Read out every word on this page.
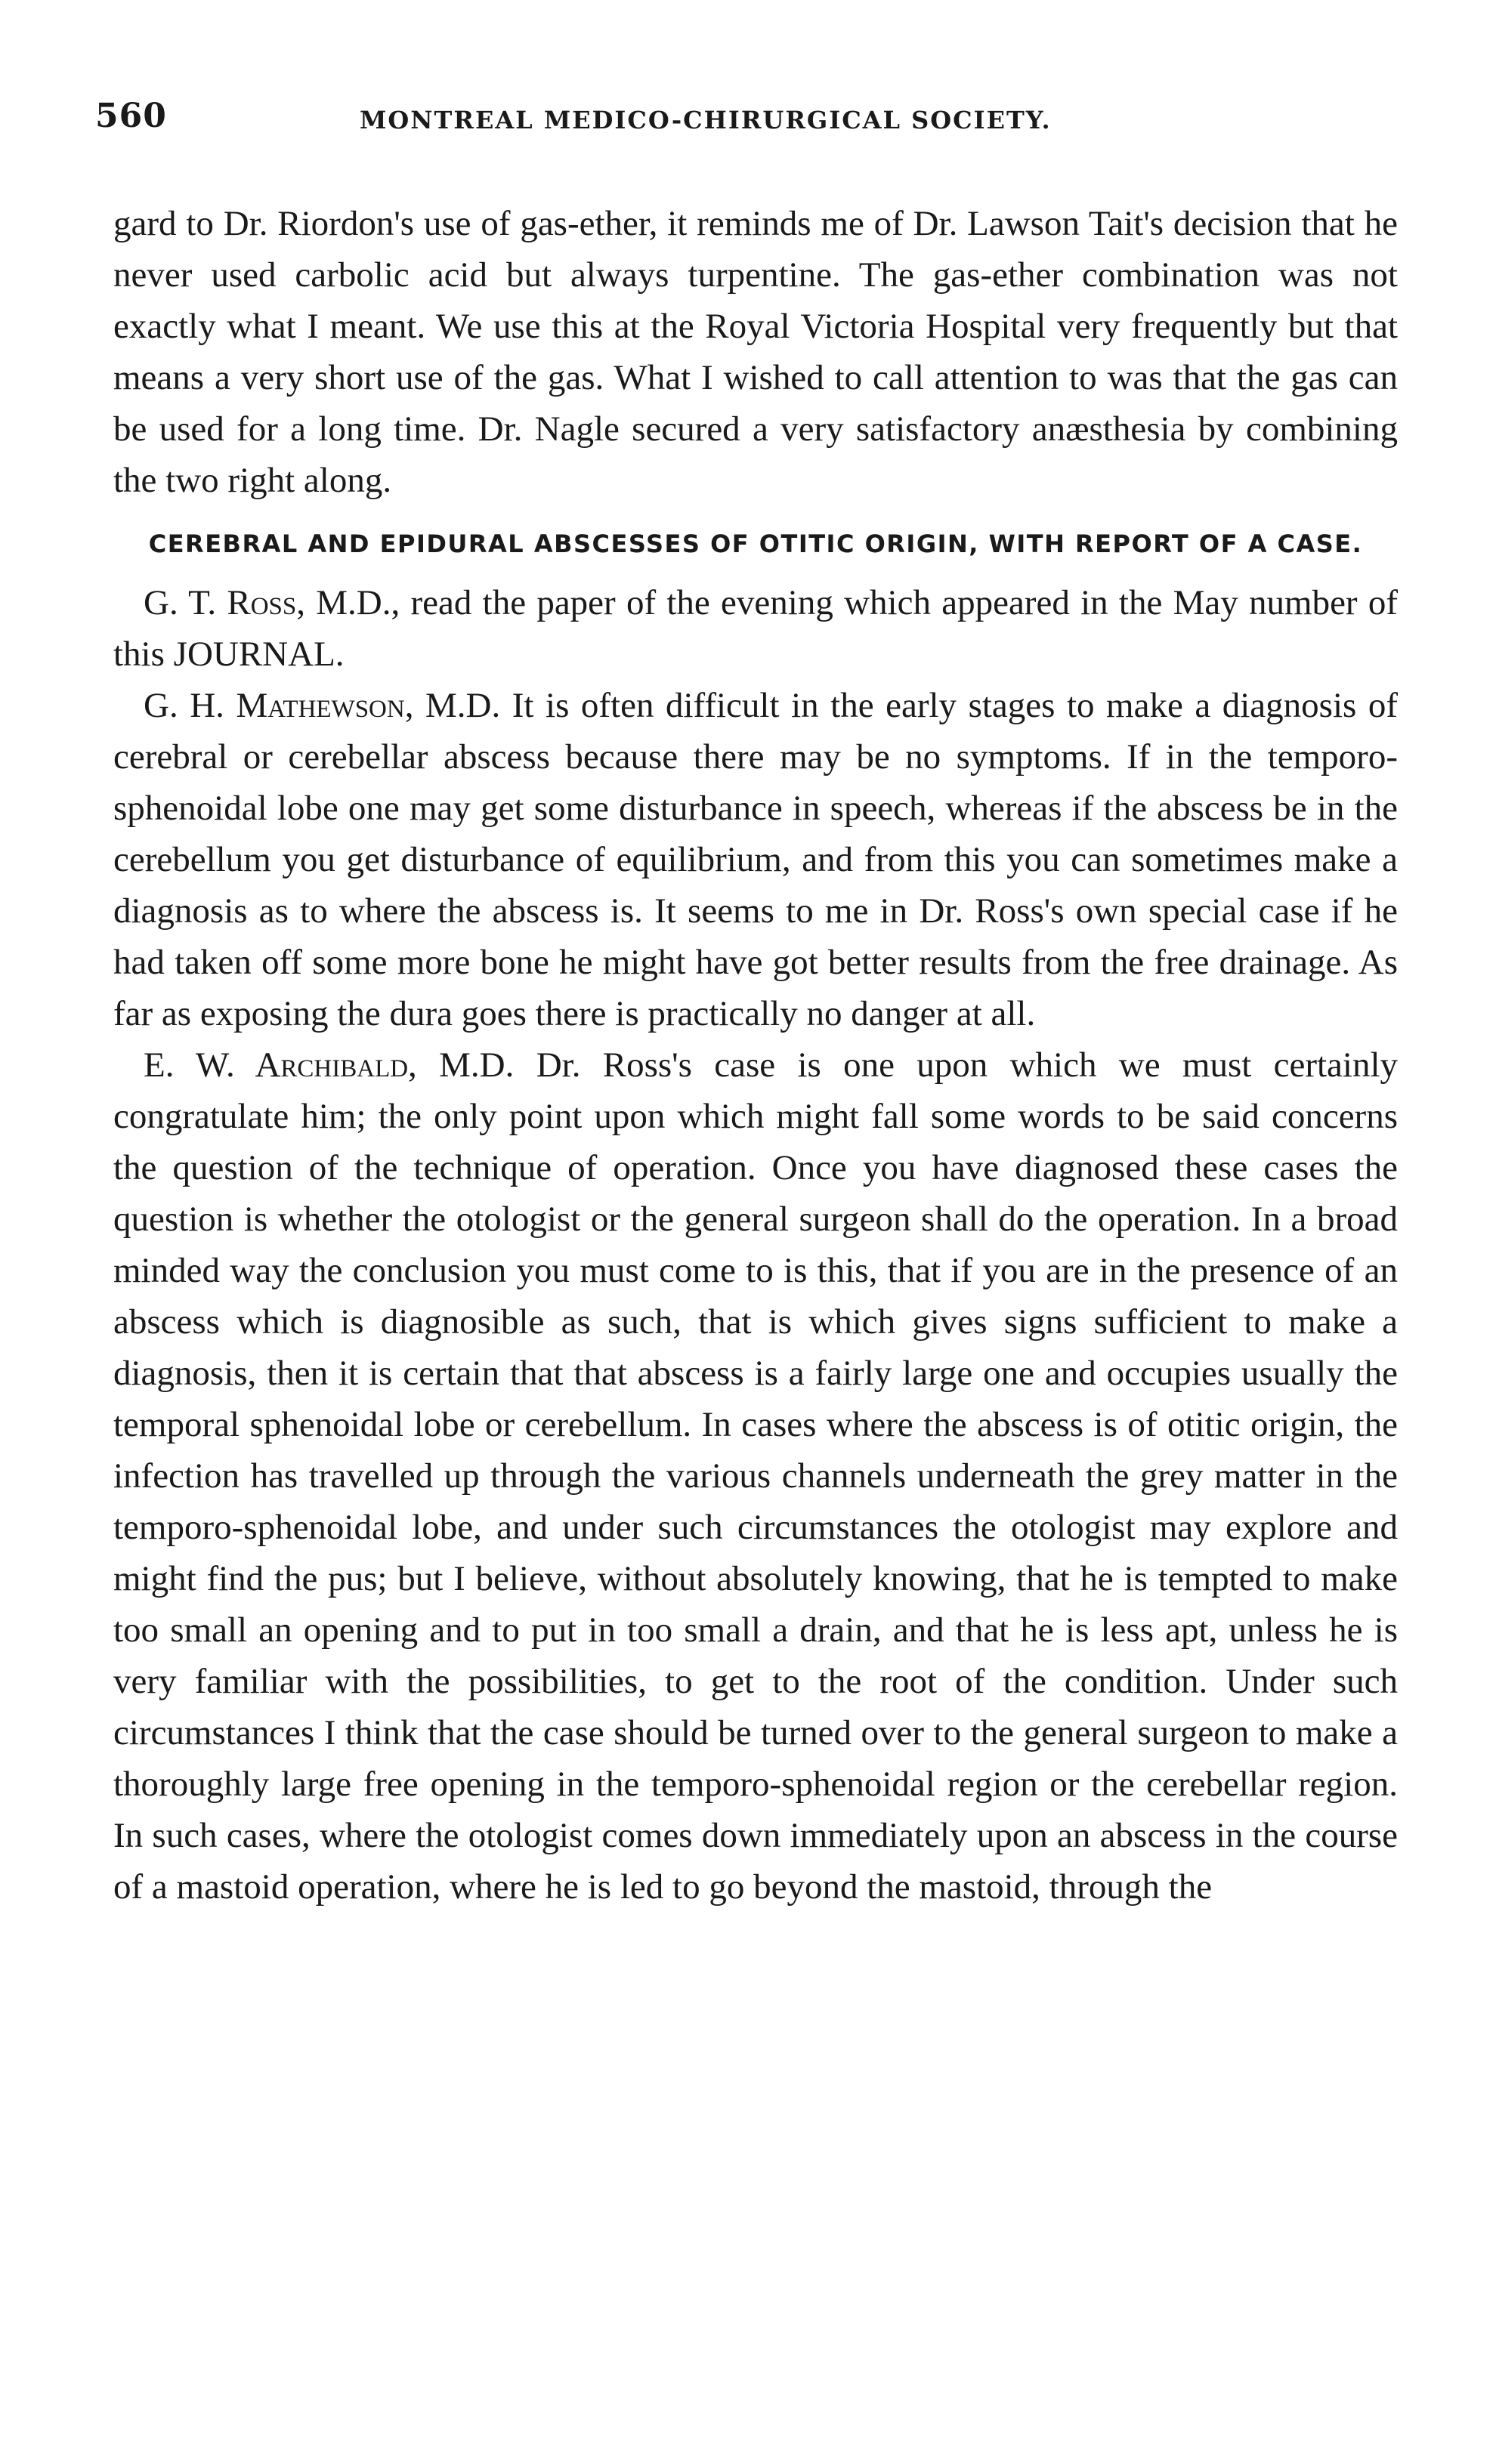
560	MONTREAL MEDICO-CHIRURGICAL SOCIETY.

gard to Dr. Riordon's use of gas-ether, it reminds me of Dr. Lawson Tait's decision that he never used carbolic acid but always turpentine. The gas-ether combination was not exactly what I meant. We use this at the Royal Victoria Hospital very frequently but that means a very short use of the gas. What I wished to call attention to was that the gas can be used for a long time. Dr. Nagle secured a very satisfactory anæsthesia by combining the two right along.

CEREBRAL AND EPIDURAL ABSCESSES OF OTITIC ORIGIN, WITH REPORT OF A CASE.

G. T. Ross, M.D., read the paper of the evening which appeared in the May number of this JOURNAL.

G. H. Mathewson, M.D. It is often difficult in the early stages to make a diagnosis of cerebral or cerebellar abscess because there may be no symptoms. If in the temporo-sphenoidal lobe one may get some disturbance in speech, whereas if the abscess be in the cerebellum you get disturbance of equilibrium, and from this you can sometimes make a diagnosis as to where the abscess is. It seems to me in Dr. Ross's own special case if he had taken off some more bone he might have got better results from the free drainage. As far as exposing the dura goes there is practically no danger at all.

E. W. Archibald, M.D. Dr. Ross's case is one upon which we must certainly congratulate him; the only point upon which might fall some words to be said concerns the question of the technique of operation. Once you have diagnosed these cases the question is whether the otologist or the general surgeon shall do the operation. In a broad minded way the conclusion you must come to is this, that if you are in the presence of an abscess which is diagnosible as such, that is which gives signs sufficient to make a diagnosis, then it is certain that that abscess is a fairly large one and occupies usually the temporal sphenoidal lobe or cerebellum. In cases where the abscess is of otitic origin, the infection has travelled up through the various channels underneath the grey matter in the temporo-sphenoidal lobe, and under such circumstances the otologist may explore and might find the pus; but I believe, without absolutely knowing, that he is tempted to make too small an opening and to put in too small a drain, and that he is less apt, unless he is very familiar with the possibilities, to get to the root of the condition. Under such circumstances I think that the case should be turned over to the general surgeon to make a thoroughly large free opening in the temporo-sphenoidal region or the cerebellar region. In such cases, where the otologist comes down immediately upon an abscess in the course of a mastoid operation, where he is led to go beyond the mastoid, through the
